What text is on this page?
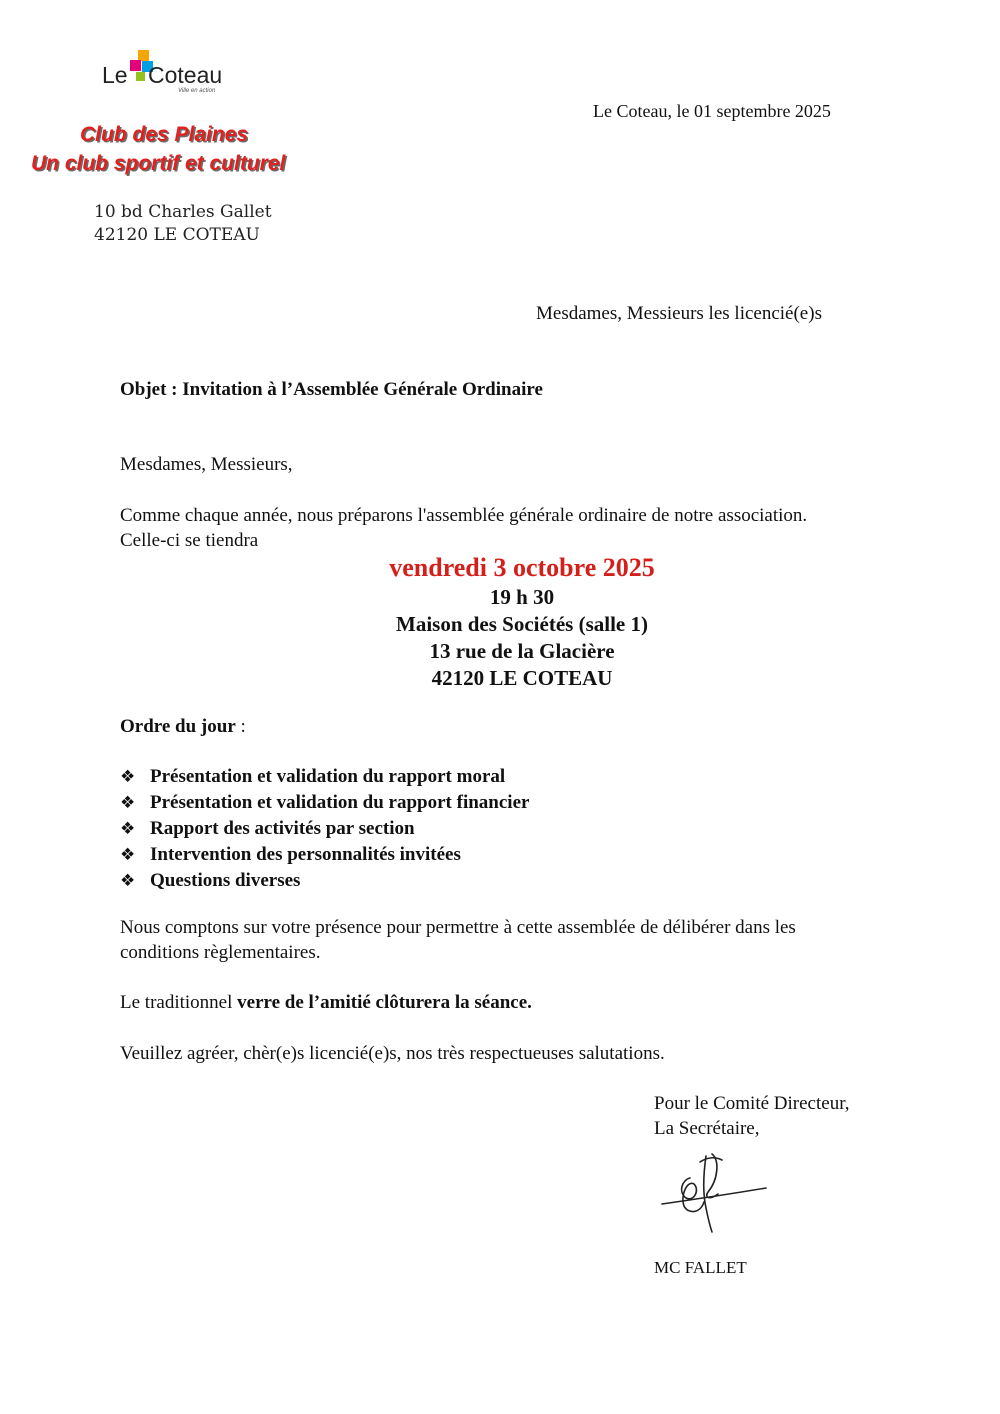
Le Coteau
Ville en action
Club des Plaines
Un club sportif et culturel
10 bd Charles Gallet
42120 LE COTEAU
Le Coteau, le 01 septembre 2025
Mesdames, Messieurs les licencié(e)s
Objet : Invitation à l’Assemblée Générale Ordinaire
Mesdames, Messieurs,
Comme chaque année, nous préparons l'assemblée générale ordinaire de notre association.
Celle-ci se tiendra
vendredi 3 octobre 2025
19 h 30
Maison des Sociétés (salle 1)
13 rue de la Glacière
42120 LE COTEAU
Ordre du jour :
❖ Présentation et validation du rapport moral
❖ Présentation et validation du rapport financier
❖ Rapport des activités par section
❖ Intervention des personnalités invitées
❖ Questions diverses
Nous comptons sur votre présence pour permettre à cette assemblée de délibérer dans les
conditions règlementaires.
Le traditionnel verre de l’amitié clôturera la séance.
Veuillez agréer, chèr(e)s licencié(e)s, nos très respectueuses salutations.
Pour le Comité Directeur,
La Secrétaire,
MC FALLET
